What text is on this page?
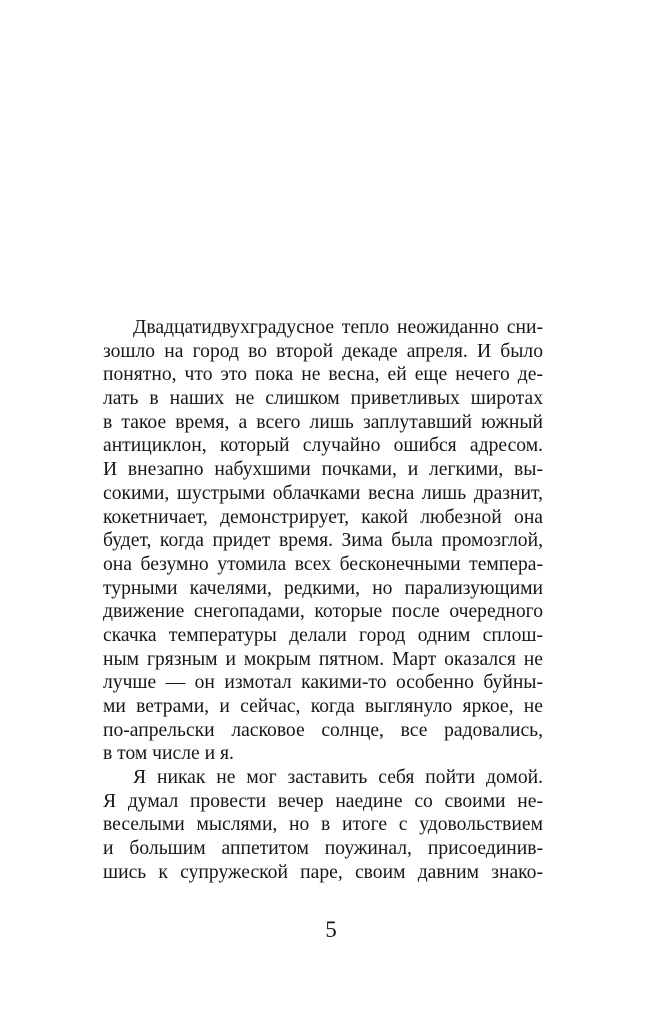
Двадцатидвухградусное тепло неожиданно сни-
зошло на город во второй декаде апреля. И было
понятно, что это пока не весна, ей еще нечего де-
лать в наших не слишком приветливых широтах
в такое время, а всего лишь заплутавший южный
антициклон, который случайно ошибся адресом.
И внезапно набухшими почками, и легкими, вы-
сокими, шустрыми облачками весна лишь дразнит,
кокетничает, демонстрирует, какой любезной она
будет, когда придет время. Зима была промозглой,
она безумно утомила всех бесконечными темпера-
турными качелями, редкими, но парализующими
движение снегопадами, которые после очередного
скачка температуры делали город одним сплош-
ным грязным и мокрым пятном. Март оказался не
лучше — он измотал какими-то особенно буйны-
ми ветрами, и сейчас, когда выглянуло яркое, не
по-апрельски ласковое солнце, все радовались,
в том числе и я.
Я никак не мог заставить себя пойти домой.
Я думал провести вечер наедине со своими не-
веселыми мыслями, но в итоге с удовольствием
и большим аппетитом поужинал, присоединив-
шись к супружеской паре, своим давним знако-
5
